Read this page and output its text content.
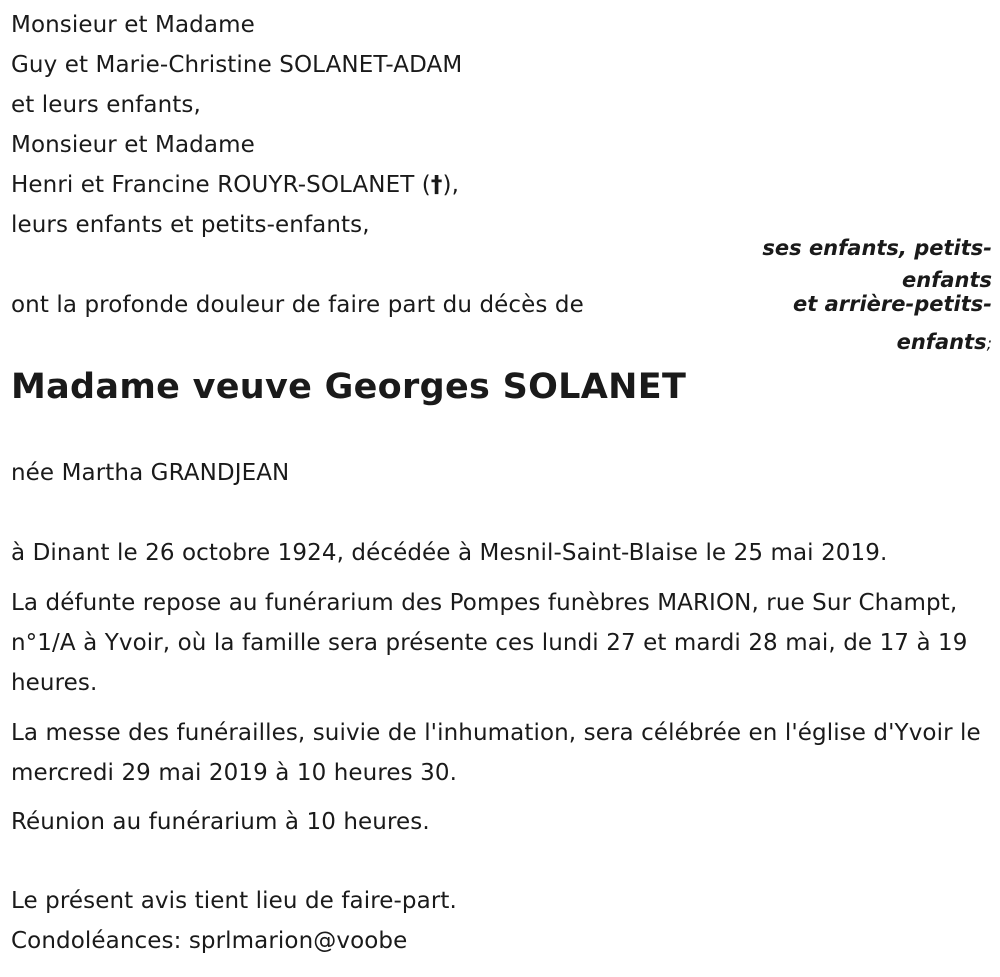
Monsieur et Madame
Guy et Marie-Christine SOLANET-ADAM
et leurs enfants,
Monsieur et Madame
Henri et Francine ROUYR-SOLANET (†),
leurs enfants et petits-enfants,
ses enfants, petits-
enfants
et arrière-petits-
enfants;
ont la profonde douleur de faire part du décès de
Madame veuve Georges SOLANET
née Martha GRANDJEAN
à Dinant le 26 octobre 1924, décédée à Mesnil-Saint-Blaise le 25 mai 2019.
La défunte repose au funérarium des Pompes funèbres MARION, rue Sur Champt, n°1/A à Yvoir, où la famille sera présente ces lundi 27 et mardi 28 mai, de 17 à 19 heures.
La messe des funérailles, suivie de l'inhumation, sera célébrée en l'église d'Yvoir le mercredi 29 mai 2019 à 10 heures 30.
Réunion au funérarium à 10 heures.
Le présent avis tient lieu de faire-part.
Condoléances: sprlmarion@voobe
